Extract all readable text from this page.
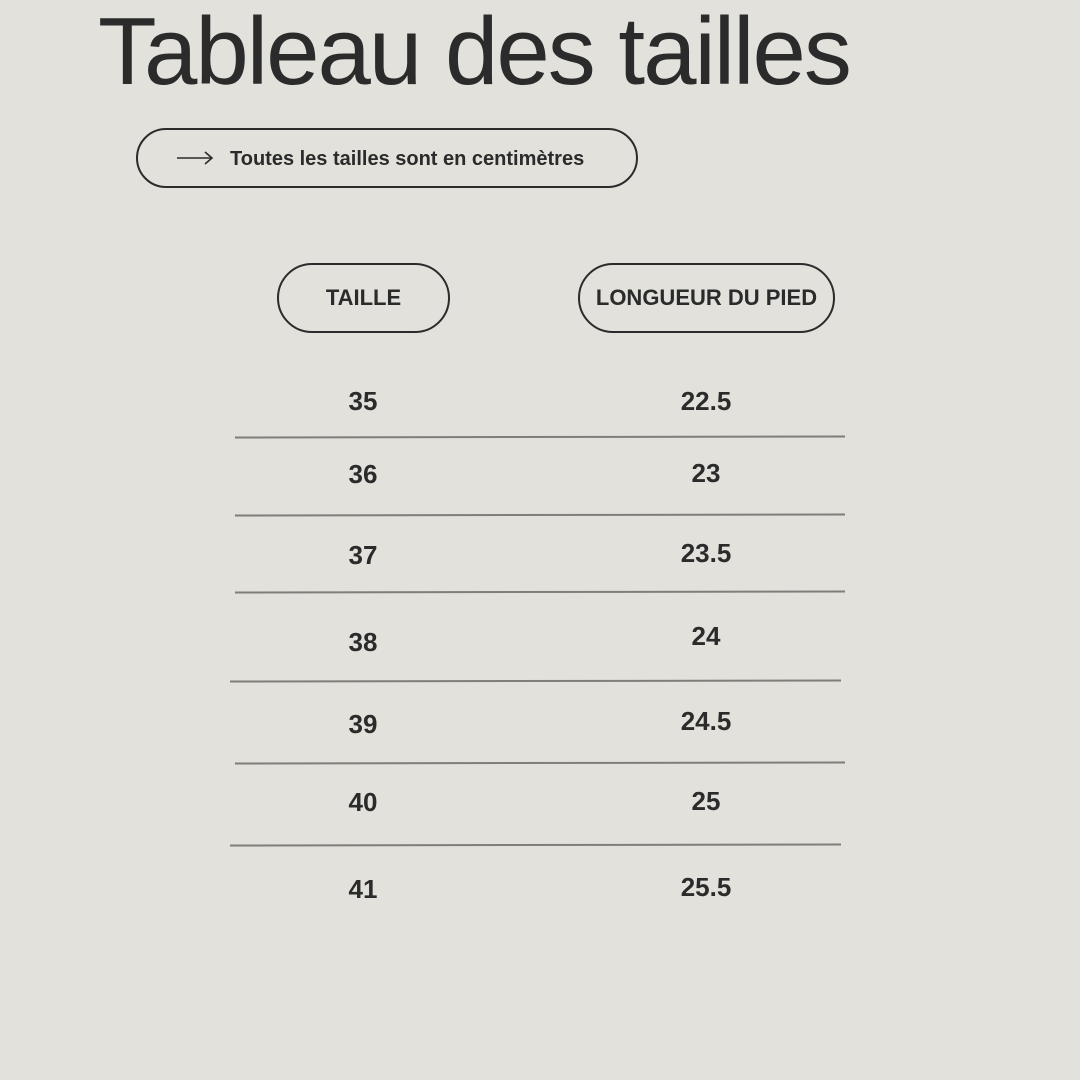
Tableau des tailles
Toutes les tailles sont en centimètres
TAILLE	LONGUEUR DU PIED
35	22.5
36	23
37	23.5
38	24
39	24.5
40	25
41	25.5
